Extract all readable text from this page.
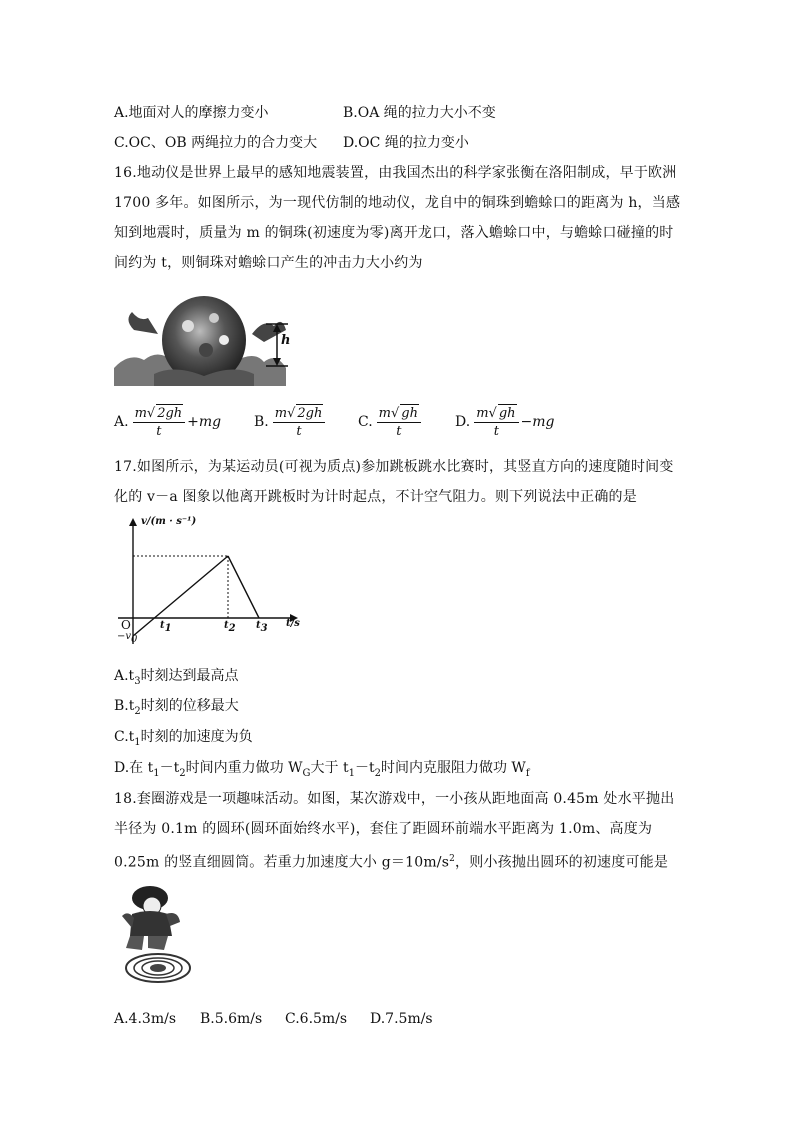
A.地面对人的摩擦力变小	B.OA 绳的拉力大小不变
C.OC、OB 两绳拉力的合力变大 D.OC 绳的拉力变小
16.地动仪是世界上最早的感知地震装置，由我国杰出的科学家张衡在洛阳制成，早于欧洲 1700 多年。如图所示，为一现代仿制的地动仪，龙自中的铜珠到蟾蜍口的距离为 h，当感知到地震时，质量为 m 的铜珠(初速度为零)离开龙口，落入蟾蜍口中，与蟾蜍口碰撞的时间约为 t，则铜珠对蟾蜍口产生的冲击力大小约为
h
A. $\frac{m√ 2gh}{t} +mg$ B. $\frac{m√ 2gh}{t} C$. $\frac{m√ gh}{t} D$. $\frac{m√ gh}{t} -mg$
17.如图所示，为某运动员(可视为质点)参加跳板跳水比赛时，其竖直方向的速度随时间变化的 v－a 图象以他离开跳板时为计时起点，不计空气阻力。则下列说法中正确的是
v/(m · s⁻¹)
t/s
O
$-v_0$
$t_1$	$t_2$ $t_3$
$A.t_3$时刻达到最高点
$B.t_2$时刻的位移最大
$C.t_1$时刻的加速度为负
D.在 $t_1-t_2$时间内重力做功 $W_G$大于 $t_1-t_2$时间内克服阻力做功 $W_f$
18.套圈游戏是一项趣味活动。如图，某次游戏中，一小孩从距地面高 0.45m 处水平抛出半径为 0.1m 的圆环(圆环面始终水平)，套住了距圆环前端水平距离为 1.0m、高度为 0.25m 的竖直细圆筒。若重力加速度大小 $g=10m/s^2$，则小孩抛出圆环的初速度可能是
A.4.3m/s B.5.6m/s C.6.5m/s D.7.5m/s
